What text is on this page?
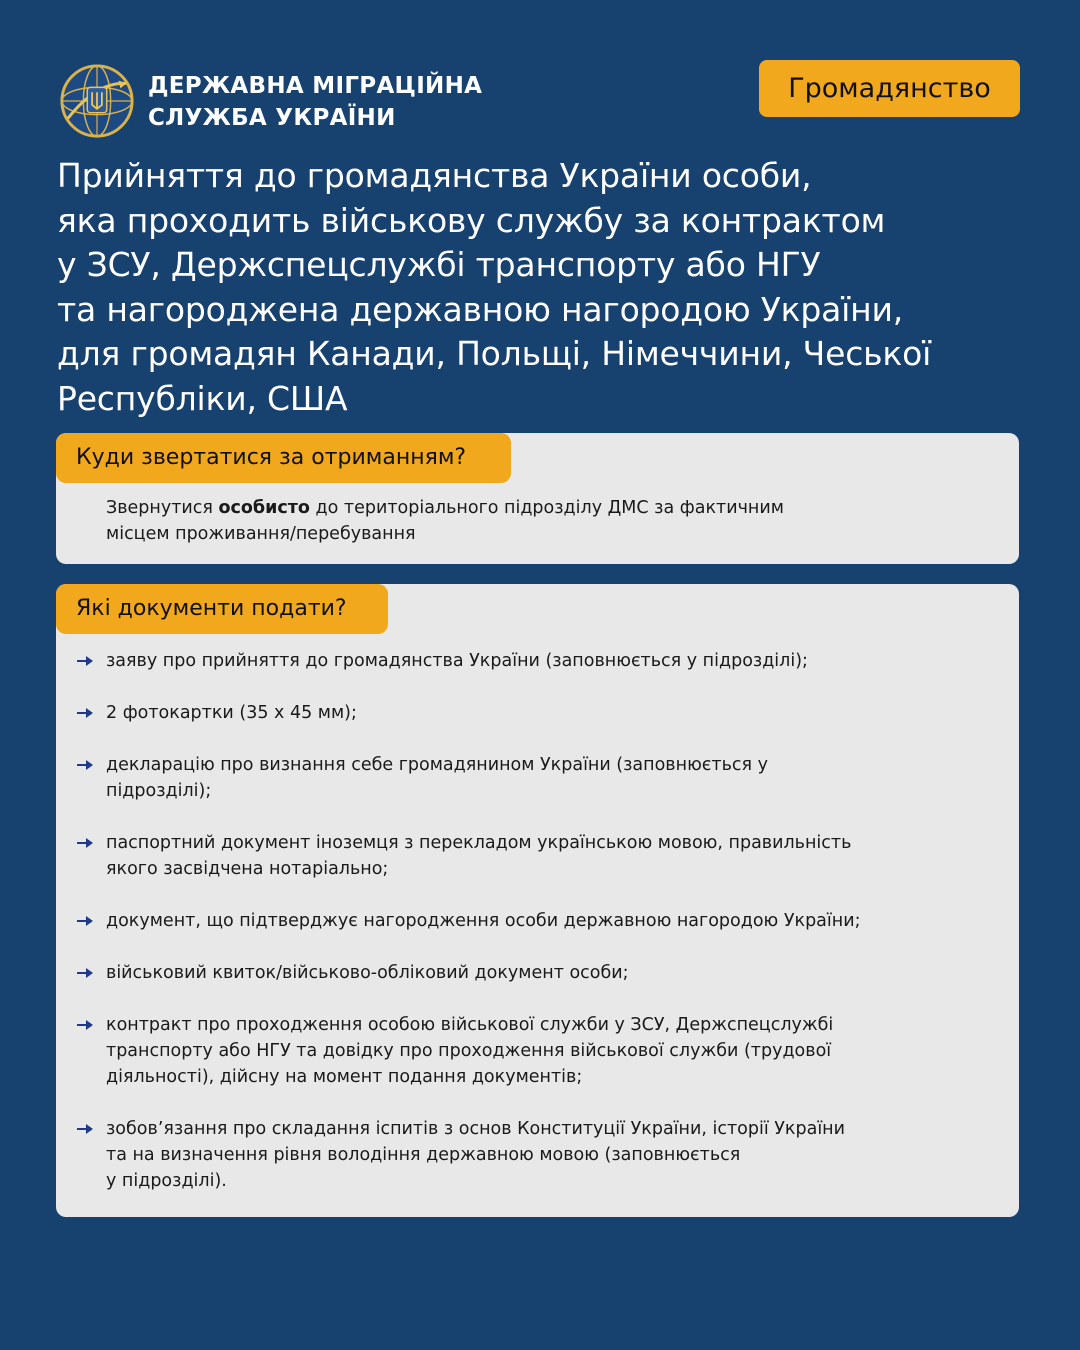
ДЕРЖАВНА МІГРАЦІЙНА
СЛУЖБА УКРАЇНИ
Громадянство
Прийняття до громадянства України особи,
яка проходить військову службу за контрактом
у ЗСУ, Держспецслужбі транспорту або НГУ
та нагороджена державною нагородою України,
для громадян Канади, Польщі, Німеччини, Чеської
Республіки, США
Куди звертатися за отриманням?
Звернутися особисто до територіального підрозділу ДМС за фактичним
місцем проживання/перебування
Які документи подати?
заяву про прийняття до громадянства України (заповнюється у підрозділі);
2 фотокартки (35 х 45 мм);
декларацію про визнання себе громадянином України (заповнюється у
підрозділі);
паспортний документ іноземця з перекладом українською мовою, правильність
якого засвідчена нотаріально;
документ, що підтверджує нагородження особи державною нагородою України;
військовий квиток/військово-обліковий документ особи;
контракт про проходження особою військової служби у ЗСУ, Держспецслужбі
транспорту або НГУ та довідку про проходження військової служби (трудової
діяльності), дійсну на момент подання документів;
зобов’язання про складання іспитів з основ Конституції України, історії України
та на визначення рівня володіння державною мовою (заповнюється
у підрозділі).
